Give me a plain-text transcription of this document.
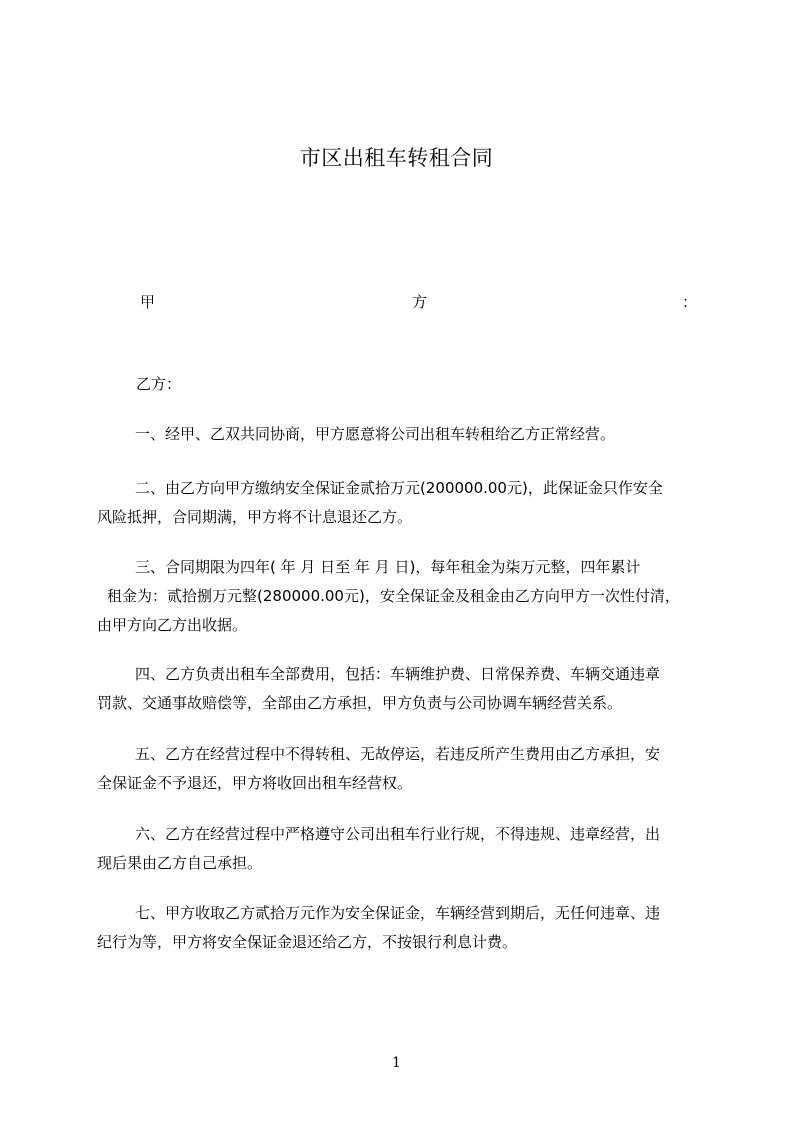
市区出租车转租合同
甲	方	：
乙方：
一、经甲、乙双共同协商，甲方愿意将公司出租车转租给乙方正常经营。
二、由乙方向甲方缴纳安全保证金贰拾万元(200000.00元)，此保证金只作安全
风险抵押，合同期满，甲方将不计息退还乙方。
三、合同期限为四年( 年 月 日至 年 月 日)，每年租金为柒万元整，四年累计
租金为：贰拾捌万元整(280000.00元)，安全保证金及租金由乙方向甲方一次性付清，
由甲方向乙方出收据。
四、乙方负责出租车全部费用，包括：车辆维护费、日常保养费、车辆交通违章
罚款、交通事故赔偿等，全部由乙方承担，甲方负责与公司协调车辆经营关系。
五、乙方在经营过程中不得转租、无故停运，若违反所产生费用由乙方承担，安
全保证金不予退还，甲方将收回出租车经营权。
六、乙方在经营过程中严格遵守公司出租车行业行规，不得违规、违章经营，出
现后果由乙方自己承担。
七、甲方收取乙方贰拾万元作为安全保证金，车辆经营到期后，无任何违章、违
纪行为等，甲方将安全保证金退还给乙方，不按银行利息计费。
1
